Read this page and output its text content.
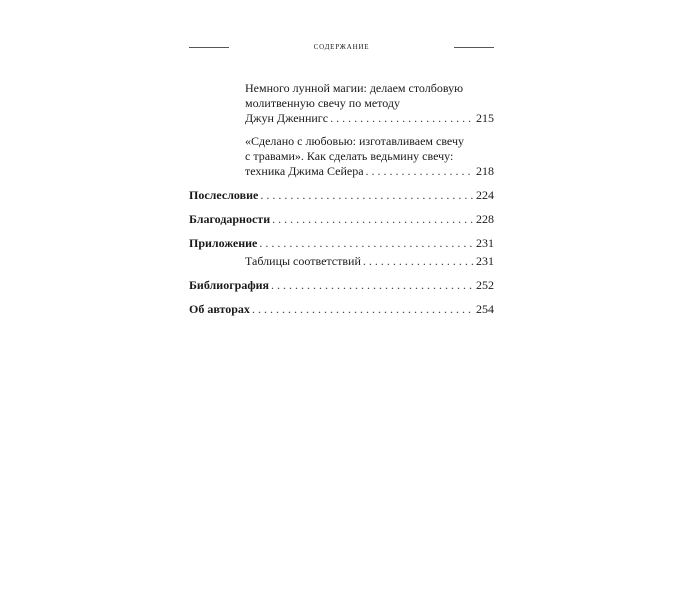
содержание
Немного лунной магии: делаем столбовую
молитвенную свечу по методу
Джун Дженнигс . . .	215
«Сделано с любовью: изготавливаем свечу
с травами». Как сделать ведьмину свечу:
техника Джима Сейера . . .	218
Послесловие . . .	224
Благодарности . . .	228
Приложение . . .	231
Таблицы соответствий . . .	231
Библиография . . .	252
Об авторах . . .	254
